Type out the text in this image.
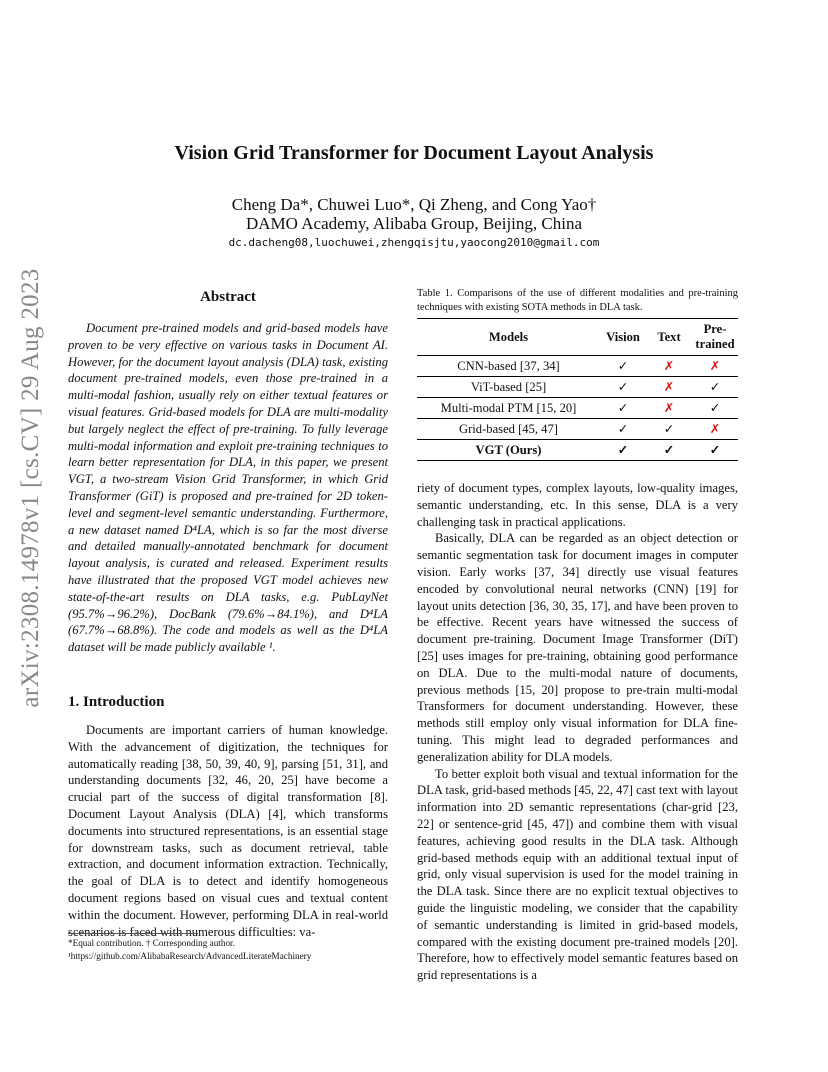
arXiv:2308.14978v1 [cs.CV] 29 Aug 2023
Vision Grid Transformer for Document Layout Analysis
Cheng Da*, Chuwei Luo*, Qi Zheng, and Cong Yao†
DAMO Academy, Alibaba Group, Beijing, China
dc.dacheng08,luochuwei,zhengqisjtu,yaocong2010@gmail.com
Abstract
Document pre-trained models and grid-based models have proven to be very effective on various tasks in Document AI. However, for the document layout analysis (DLA) task, existing document pre-trained models, even those pre-trained in a multi-modal fashion, usually rely on either textual features or visual features. Grid-based models for DLA are multi-modality but largely neglect the effect of pre-training. To fully leverage multi-modal information and exploit pre-training techniques to learn better representation for DLA, in this paper, we present VGT, a two-stream Vision Grid Transformer, in which Grid Transformer (GiT) is proposed and pre-trained for 2D token-level and segment-level semantic understanding. Furthermore, a new dataset named D⁴LA, which is so far the most diverse and detailed manually-annotated benchmark for document layout analysis, is curated and released. Experiment results have illustrated that the proposed VGT model achieves new state-of-the-art results on DLA tasks, e.g. PubLayNet (95.7%→96.2%), DocBank (79.6%→84.1%), and D⁴LA (67.7%→68.8%). The code and models as well as the D⁴LA dataset will be made publicly available ¹.
1. Introduction
Documents are important carriers of human knowledge. With the advancement of digitization, the techniques for automatically reading [38, 50, 39, 40, 9], parsing [51, 31], and understanding documents [32, 46, 20, 25] have become a crucial part of the success of digital transformation [8]. Document Layout Analysis (DLA) [4], which transforms documents into structured representations, is an essential stage for downstream tasks, such as document retrieval, table extraction, and document information extraction. Technically, the goal of DLA is to detect and identify homogeneous document regions based on visual cues and textual content within the document. However, performing DLA in real-world scenarios is faced with numerous difficulties: va-
*Equal contribution. † Corresponding author.
¹https://github.com/AlibabaResearch/AdvancedLiterateMachinery
Table 1. Comparisons of the use of different modalities and pre-training techniques with existing SOTA methods in DLA task.
Models	Vision	Text	Pre-trained
CNN-based [37, 34]	✓	✗	✗
ViT-based [25]	✓	✗	✓
Multi-modal PTM [15, 20]	✓	✗	✓
Grid-based [45, 47]	✓	✓	✗
VGT (Ours)	✓	✓	✓

riety of document types, complex layouts, low-quality images, semantic understanding, etc. In this sense, DLA is a very challenging task in practical applications.

Basically, DLA can be regarded as an object detection or semantic segmentation task for document images in computer vision. Early works [37, 34] directly use visual features encoded by convolutional neural networks (CNN) [19] for layout units detection [36, 30, 35, 17], and have been proven to be effective. Recent years have witnessed the success of document pre-training. Document Image Transformer (DiT) [25] uses images for pre-training, obtaining good performance on DLA. Due to the multi-modal nature of documents, previous methods [15, 20] propose to pre-train multi-modal Transformers for document understanding. However, these methods still employ only visual information for DLA fine-tuning. This might lead to degraded performances and generalization ability for DLA models.

To better exploit both visual and textual information for the DLA task, grid-based methods [45, 22, 47] cast text with layout information into 2D semantic representations (char-grid [23, 22] or sentence-grid [45, 47]) and combine them with visual features, achieving good results in the DLA task. Although grid-based methods equip with an additional textual input of grid, only visual supervision is used for the model training in the DLA task. Since there are no explicit textual objectives to guide the linguistic modeling, we consider that the capability of semantic understanding is limited in grid-based models, compared with the existing document pre-trained models [20]. Therefore, how to effectively model semantic features based on grid representations is a
